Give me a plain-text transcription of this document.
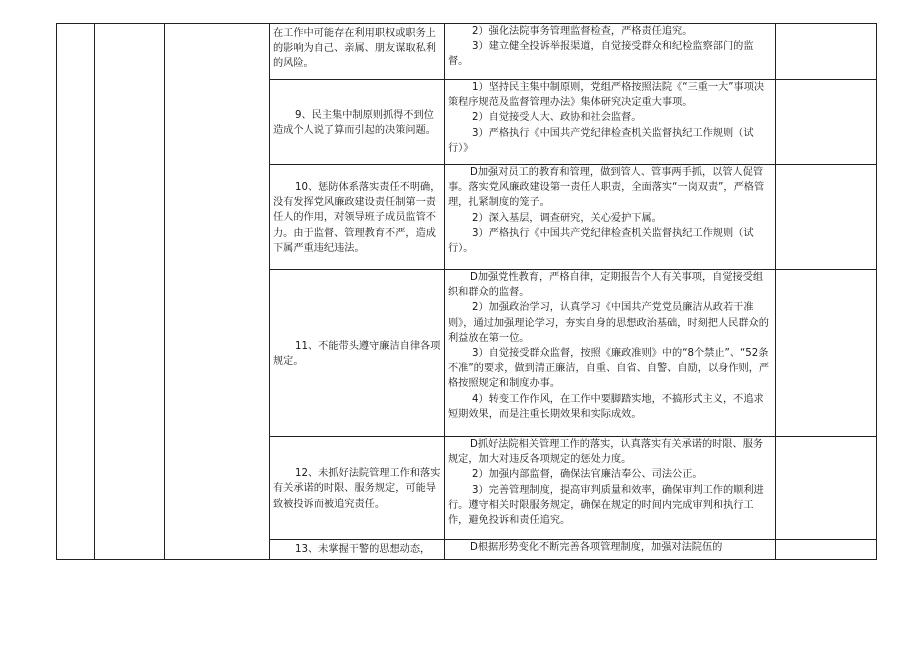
			在工作中可能存在利用职权或职务上的影响为自己、亲属、朋友谋取私利的风险。	2）强化法院事务管理监督检查，严格责任追究。

3）建立健全投诉举报渠道，自觉接受群众和纪检监察部门的监督。	

			9、民主集中制原则抓得不到位造成个人说了算而引起的决策问题。	1）坚持民主集中制原则，党组严格按照法院《“三重一大”事项决策程序规范及监督管理办法》集体研究决定重大事项。

2）自觉接受人大、政协和社会监督。

3）严格执行《中国共产党纪律检查机关监督执纪工作规则（试行）》	

			10、惩防体系落实责任不明确，没有发挥党风廉政建设责任制第一责任人的作用，对领导班子成员监管不力。由于监督、管理教育不严，造成下属严重违纪违法。	D加强对员工的教育和管理，做到管人、管事两手抓，以管人促管事。落实党风廉政建设第一责任人职责，全面落实“一岗双责”，严格管理，扎紧制度的笼子。

2）深入基层，调查研究，关心爱护下属。

3）严格执行《中国共产党纪律检查机关监督执纪工作规则（试行）。	

			11、不能带头遵守廉洁自律各项规定。	D加强党性教育，严格自律，定期报告个人有关事项，自觉接受组织和群众的监督。

2）加强政治学习，认真学习《中国共产党党员廉洁从政若干准则》，通过加强理论学习，夯实自身的思想政治基础，时刻把人民群众的利益放在第一位。

3）自觉接受群众监督，按照《廉政准则》中的“8个禁止”、“52条不准”的要求，做到清正廉洁，自重、自省、自警、自励，以身作则，严格按照规定和制度办事。

4）转变工作作风，在工作中要脚踏实地，不搞形式主义，不追求短期效果，而是注重长期效果和实际成效。	

			12、未抓好法院管理工作和落实有关承诺的时限、服务规定，可能导致被投诉而被追究责任。	D抓好法院相关管理工作的落实，认真落实有关承诺的时限、服务规定，加大对违反各项规定的惩处力度。

2）加强内部监督，确保法官廉洁奉公、司法公正。

3）完善管理制度，提高审判质量和效率，确保审判工作的顺利进行。遵守相关时限服务规定，确保在规定的时间内完成审判和执行工作，避免投诉和责任追究。	

			13、未掌握干警的思想动态，	D根据形势变化不断完善各项管理制度，加强对法院伍的	
